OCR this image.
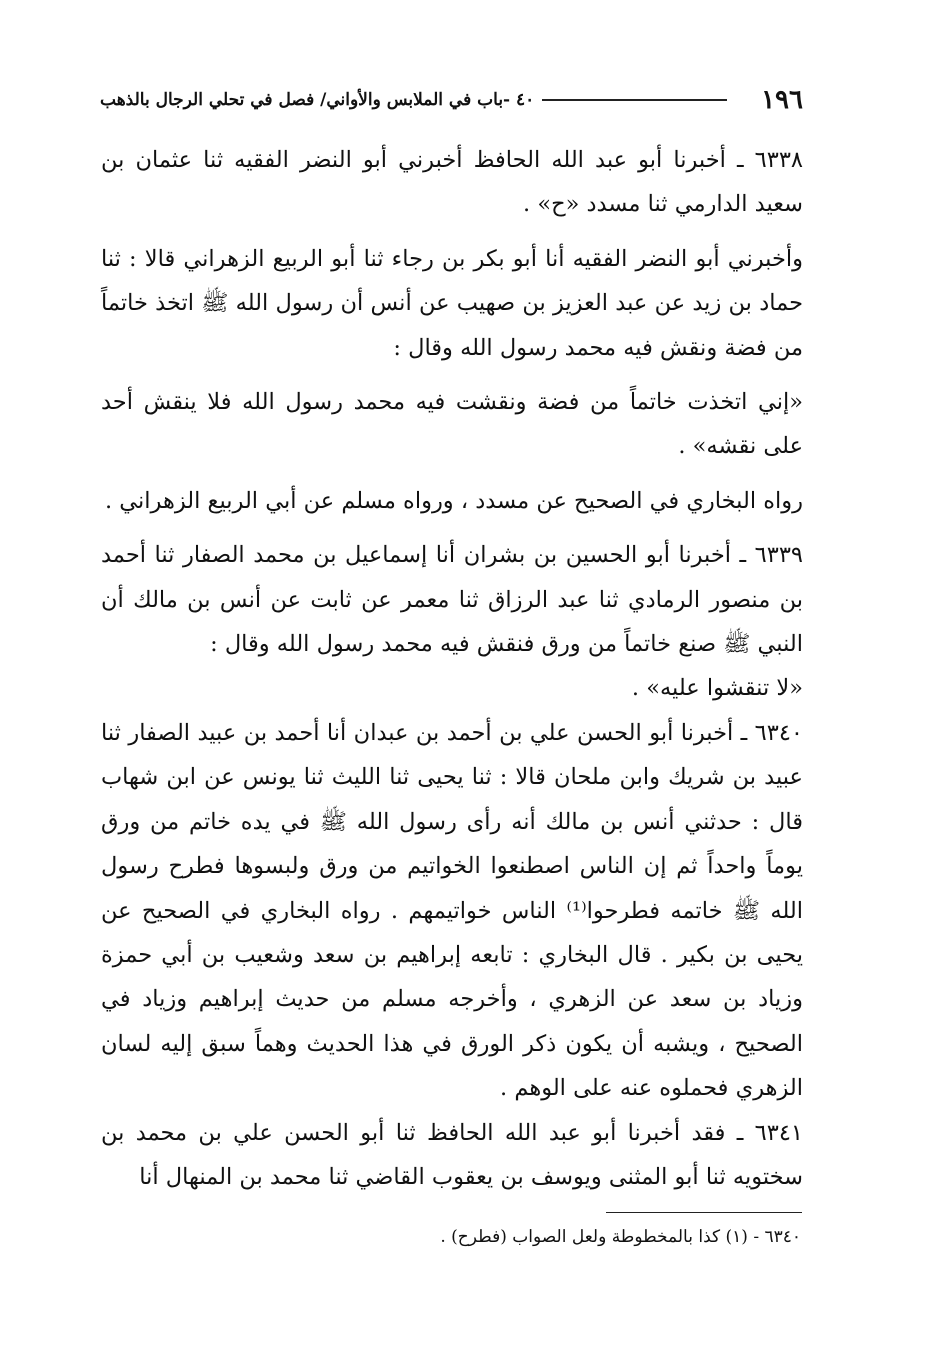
١٩٦
٤٠ -باب في الملابس والأواني/ فصل في تحلي الرجال بالذهب

٦٣٣٨ ـ أخبرنا أبو عبد الله الحافظ أخبرني أبو النضر الفقيه ثنا عثمان بن سعيد الدارمي ثنا مسدد «ح» .

وأخبرني أبو النضر الفقيه أنا أبو بكر بن رجاء ثنا أبو الربيع الزهراني قالا : ثنا حماد بن زيد عن عبد العزيز بن صهيب عن أنس أن رسول الله ﷺ اتخذ خاتماً من فضة ونقش فيه محمد رسول الله وقال :

«إني اتخذت خاتماً من فضة ونقشت فيه محمد رسول الله فلا ينقش أحد على نقشه» .

رواه البخاري في الصحيح عن مسدد ، ورواه مسلم عن أبي الربيع الزهراني .

٦٣٣٩ ـ أخبرنا أبو الحسين بن بشران أنا إسماعيل بن محمد الصفار ثنا أحمد بن منصور الرمادي ثنا عبد الرزاق ثنا معمر عن ثابت عن أنس بن مالك أن النبي ﷺ صنع خاتماً من ورق فنقش فيه محمد رسول الله وقال :

«لا تنقشوا عليه» .

٦٣٤٠ ـ أخبرنا أبو الحسن علي بن أحمد بن عبدان أنا أحمد بن عبيد الصفار ثنا عبيد بن شريك وابن ملحان قالا : ثنا يحيى ثنا الليث ثنا يونس عن ابن شهاب قال : حدثني أنس بن مالك أنه رأى رسول الله ﷺ في يده خاتم من ورق يوماً واحداً ثم إن الناس اصطنعوا الخواتيم من ورق ولبسوها فطرح رسول الله ﷺ خاتمه فطرحوا⁽¹⁾ الناس خواتيمهم . رواه البخاري في الصحيح عن يحيى بن بكير . قال البخاري : تابعه إبراهيم بن سعد وشعيب بن أبي حمزة وزياد بن سعد عن الزهري ، وأخرجه مسلم من حديث إبراهيم وزياد في الصحيح ، ويشبه أن يكون ذكر الورق في هذا الحديث وهماً سبق إليه لسان الزهري فحملوه عنه على الوهم .

٦٣٤١ ـ فقد أخبرنا أبو عبد الله الحافظ ثنا أبو الحسن علي بن محمد بن سختويه ثنا أبو المثنى ويوسف بن يعقوب القاضي ثنا محمد بن المنهال أنا

٦٣٤٠ - (١) كذا بالمخطوطة ولعل الصواب (فطرح) .
